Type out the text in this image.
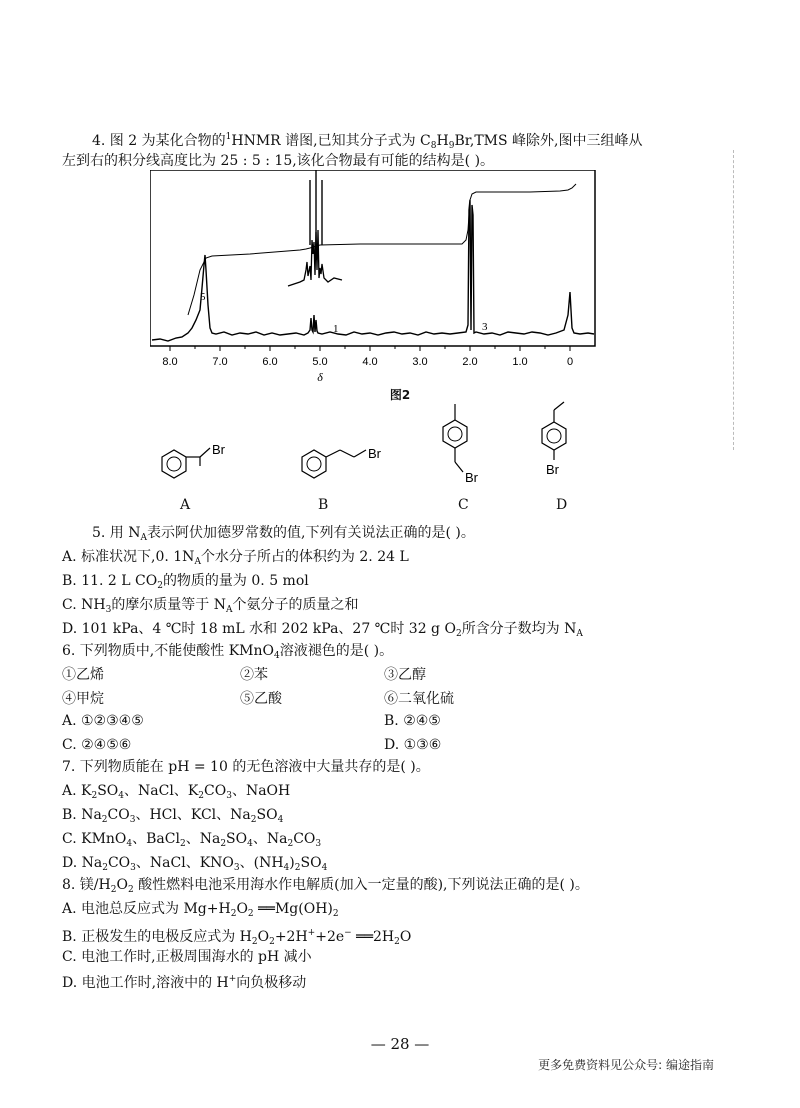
4. 图 2 为某化合物的$^1$HNMR 谱图,已知其分子式为 $C_8H_9Br,TMS$ 峰除外,图中三组峰从
左到右的积分线高度比为 25 : 5 : 15,该化合物最有可能的结构是( )。
5
1	3
8.0	7.0	6.0	5.0	4.0	3.0	2.0	1.0	0
δ
图2
Br
A
Br
B
Br
C
Br
D
5. 用 $N_A$表示阿伏加德罗常数的值,下列有关说法正确的是( )。
A. 标准状况下,0. $1N_A$个水分子所占的体积约为 2. 24 L
B. 11. 2 L $CO_2$的物质的量为 0. 5 mol
C. $NH_3$的摩尔质量等于 $N_A$个氨分子的质量之和
D. 101 kPa、4 ℃时 18 mL 水和 202 kPa、27 ℃时 32 g $O_2$所含分子数均为 $N_A$
6. 下列物质中,不能使酸性 KMnO$_4$溶液褪色的是( )。
①乙烯	②苯	③乙醇
④甲烷	⑤乙酸	⑥二氧化硫
A. ①②③④⑤	B. ②④⑤
C. ②④⑤⑥	D. ①③⑥
7. 下列物质能在 pH = 10 的无色溶液中大量共存的是( )。
A. $K_2SO_4$、NaCl、$K_2CO_3$、NaOH
B. $Na_2CO_3$、HCl、KCl、$Na_2SO_4$
C. KMnO$_4$、BaCl$_2$、$Na_2SO_4$、$Na_2CO_3$
D. $Na_2CO_3$、NaCl、$KNO_3$、$(NH_4)_2SO_4$
8. 镁$/H_2O_2$ 酸性燃料电池采用海水作电解质(加入一定量的酸),下列说法正确的是( )。
A. 电池总反应式为 $Mg+H_2O_2$ $══Mg(OH)_2$
B. 正极发生的电极反应式为 $H_2O_2+2H^++2e^-$ $══2H_2O$
C. 电池工作时,正极周围海水的 pH 减小
D. 电池工作时,溶液中的 H+向负极移动
— 28 —
更多免费资料见公众号: 编途指南
